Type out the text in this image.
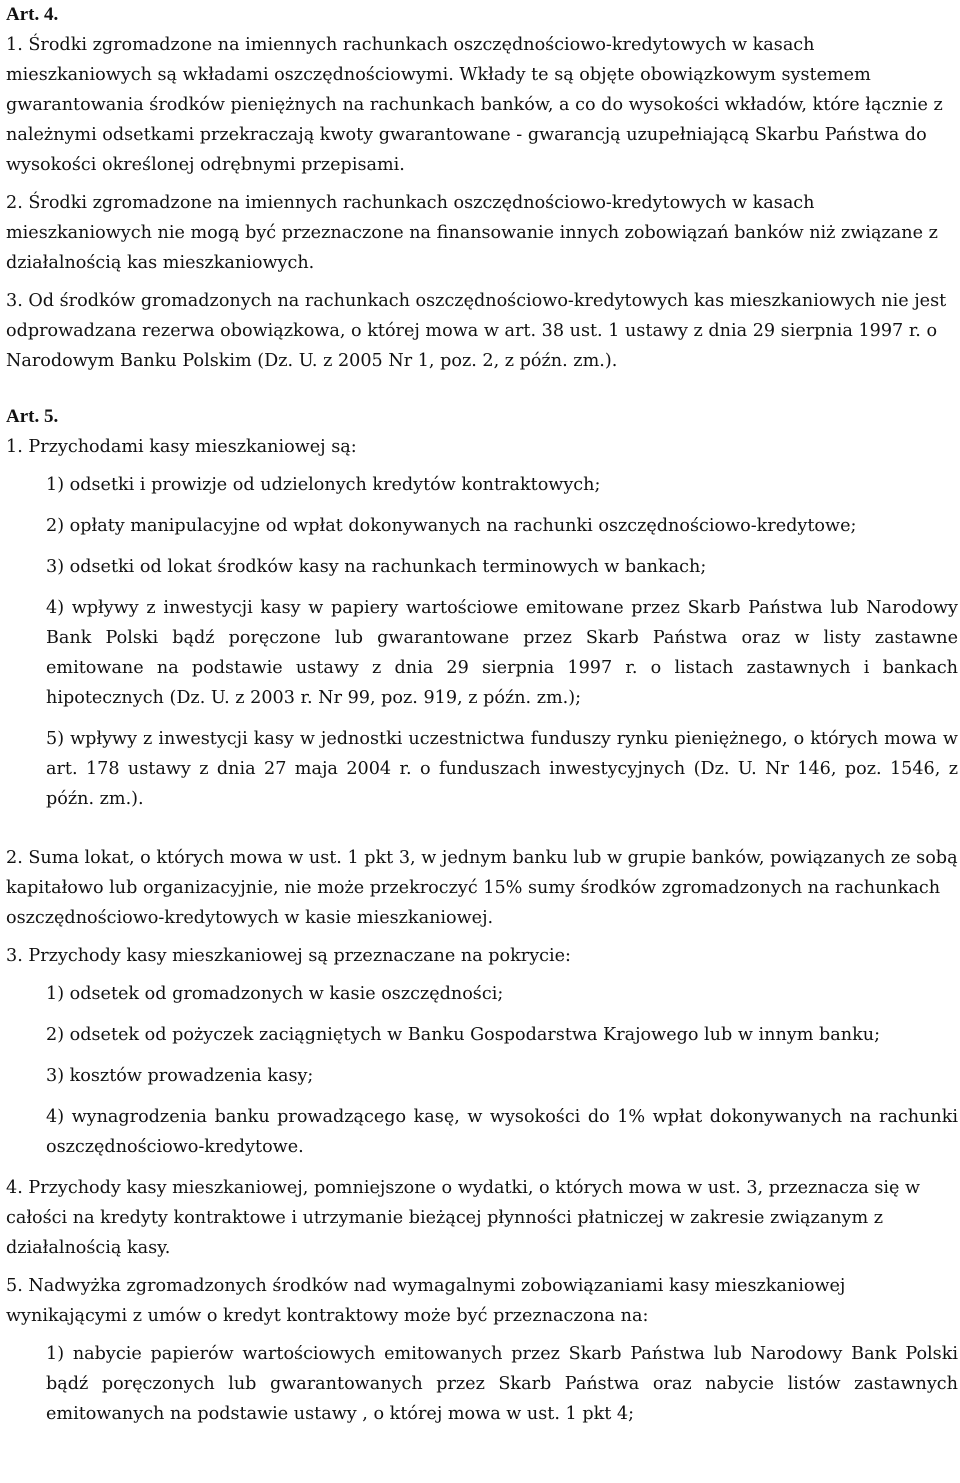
Art. 4.

1. Środki zgromadzone na imiennych rachunkach oszczędnościowo-kredytowych w kasach mieszkaniowych są wkładami oszczędnościowymi. Wkłady te są objęte obowiązkowym systemem gwarantowania środków pieniężnych na rachunkach banków, a co do wysokości wkładów, które łącznie z należnymi odsetkami przekraczają kwoty gwarantowane - gwarancją uzupełniającą Skarbu Państwa do wysokości określonej odrębnymi przepisami.

2. Środki zgromadzone na imiennych rachunkach oszczędnościowo-kredytowych w kasach mieszkaniowych nie mogą być przeznaczone na finansowanie innych zobowiązań banków niż związane z działalnością kas mieszkaniowych.

3. Od środków gromadzonych na rachunkach oszczędnościowo-kredytowych kas mieszkaniowych nie jest odprowadzana rezerwa obowiązkowa, o której mowa w art. 38 ust. 1 ustawy z dnia 29 sierpnia 1997 r. o Narodowym Banku Polskim (Dz. U. z 2005 Nr 1, poz. 2, z późn. zm.).

Art. 5.

1. Przychodami kasy mieszkaniowej są:

1) odsetki i prowizje od udzielonych kredytów kontraktowych;

2) opłaty manipulacyjne od wpłat dokonywanych na rachunki oszczędnościowo-kredytowe;

3) odsetki od lokat środków kasy na rachunkach terminowych w bankach;

4) wpływy z inwestycji kasy w papiery wartościowe emitowane przez Skarb Państwa lub Narodowy Bank Polski bądź poręczone lub gwarantowane przez Skarb Państwa oraz w listy zastawne emitowane na podstawie ustawy z dnia 29 sierpnia 1997 r. o listach zastawnych i bankach hipotecznych (Dz. U. z 2003 r. Nr 99, poz. 919, z późn. zm.);

5) wpływy z inwestycji kasy w jednostki uczestnictwa funduszy rynku pieniężnego, o których mowa w art. 178 ustawy z dnia 27 maja 2004 r. o funduszach inwestycyjnych (Dz. U. Nr 146, poz. 1546, z późn. zm.).

2. Suma lokat, o których mowa w ust. 1 pkt 3, w jednym banku lub w grupie banków, powiązanych ze sobą kapitałowo lub organizacyjnie, nie może przekroczyć 15% sumy środków zgromadzonych na rachunkach oszczędnościowo-kredytowych w kasie mieszkaniowej.

3. Przychody kasy mieszkaniowej są przeznaczane na pokrycie:

1) odsetek od gromadzonych w kasie oszczędności;

2) odsetek od pożyczek zaciągniętych w Banku Gospodarstwa Krajowego lub w innym banku;

3) kosztów prowadzenia kasy;

4) wynagrodzenia banku prowadzącego kasę, w wysokości do 1% wpłat dokonywanych na rachunki oszczędnościowo-kredytowe.

4. Przychody kasy mieszkaniowej, pomniejszone o wydatki, o których mowa w ust. 3, przeznacza się w całości na kredyty kontraktowe i utrzymanie bieżącej płynności płatniczej w zakresie związanym z działalnością kasy.

5. Nadwyżka zgromadzonych środków nad wymagalnymi zobowiązaniami kasy mieszkaniowej wynikającymi z umów o kredyt kontraktowy może być przeznaczona na:

1) nabycie papierów wartościowych emitowanych przez Skarb Państwa lub Narodowy Bank Polski bądź poręczonych lub gwarantowanych przez Skarb Państwa oraz nabycie listów zastawnych emitowanych na podstawie ustawy , o której mowa w ust. 1 pkt 4;
